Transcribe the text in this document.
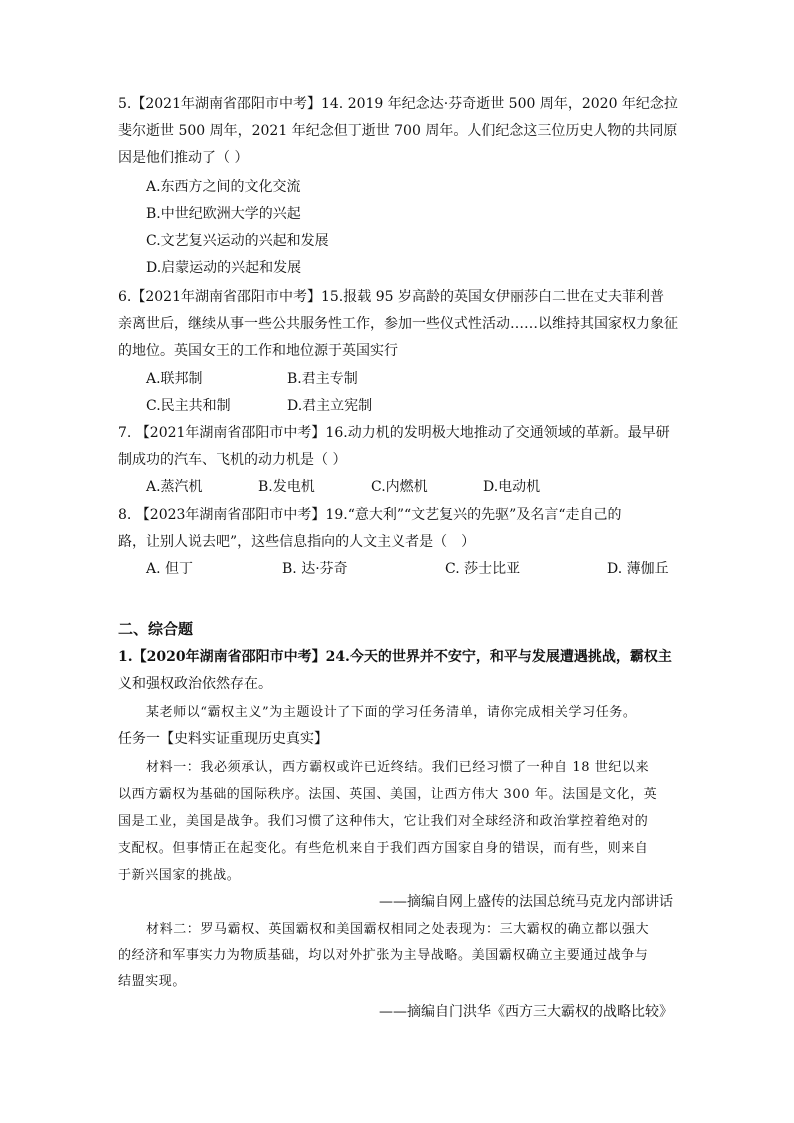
5.【2021年湖南省邵阳市中考】14. 2019 年纪念达·芬奇逝世 500 周年，2020 年纪念拉
斐尔逝世 500 周年，2021 年纪念但丁逝世 700 周年。人们纪念这三位历史人物的共同原
因是他们推动了（ ）
A.东西方之间的文化交流
B.中世纪欧洲大学的兴起
C.文艺复兴运动的兴起和发展
D.启蒙运动的兴起和发展
6.【2021年湖南省邵阳市中考】15.报载 95 岁高龄的英国女伊丽莎白二世在丈夫菲利普
亲离世后，继续从事一些公共服务性工作，参加一些仪式性活动……以维持其国家权力象征
的地位。英国女王的工作和地位源于英国实行
A.联邦制	B.君主专制
C.民主共和制	D.君主立宪制
7. 【2021年湖南省邵阳市中考】16.动力机的发明极大地推动了交通领域的革新。最早研
制成功的汽车、飞机的动力机是（ ）
A.蒸汽机	B.发电机	C.内燃机	D.电动机
8. 【2023年湖南省邵阳市中考】19.“意大利”“文艺复兴的先驱”及名言“走自己的
路，让别人说去吧”，这些信息指向的人文主义者是（　）
A. 但丁	B. 达·芬奇	C. 莎士比亚	D. 薄伽丘
二、综合题
1.【2020年湖南省邵阳市中考】24.今天的世界并不安宁，和平与发展遭遇挑战，霸权主
义和强权政治依然存在。
某老师以“霸权主义”为主题设计了下面的学习任务清单，请你完成相关学习任务。
任务一【史料实证重现历史真实】
材料一：我必须承认，西方霸权或许已近终结。我们已经习惯了一种自 18 世纪以来
以西方霸权为基础的国际秩序。法国、英国、美国，让西方伟大 300 年。法国是文化，英
国是工业，美国是战争。我们习惯了这种伟大，它让我们对全球经济和政治掌控着绝对的
支配权。但事情正在起变化。有些危机来自于我们西方国家自身的错误，而有些，则来自
于新兴国家的挑战。
——摘编自网上盛传的法国总统马克龙内部讲话
材料二：罗马霸权、英国霸权和美国霸权相同之处表现为：三大霸权的确立都以强大
的经济和军事实力为物质基础，均以对外扩张为主导战略。美国霸权确立主要通过战争与
结盟实现。
——摘编自门洪华《西方三大霸权的战略比较》
